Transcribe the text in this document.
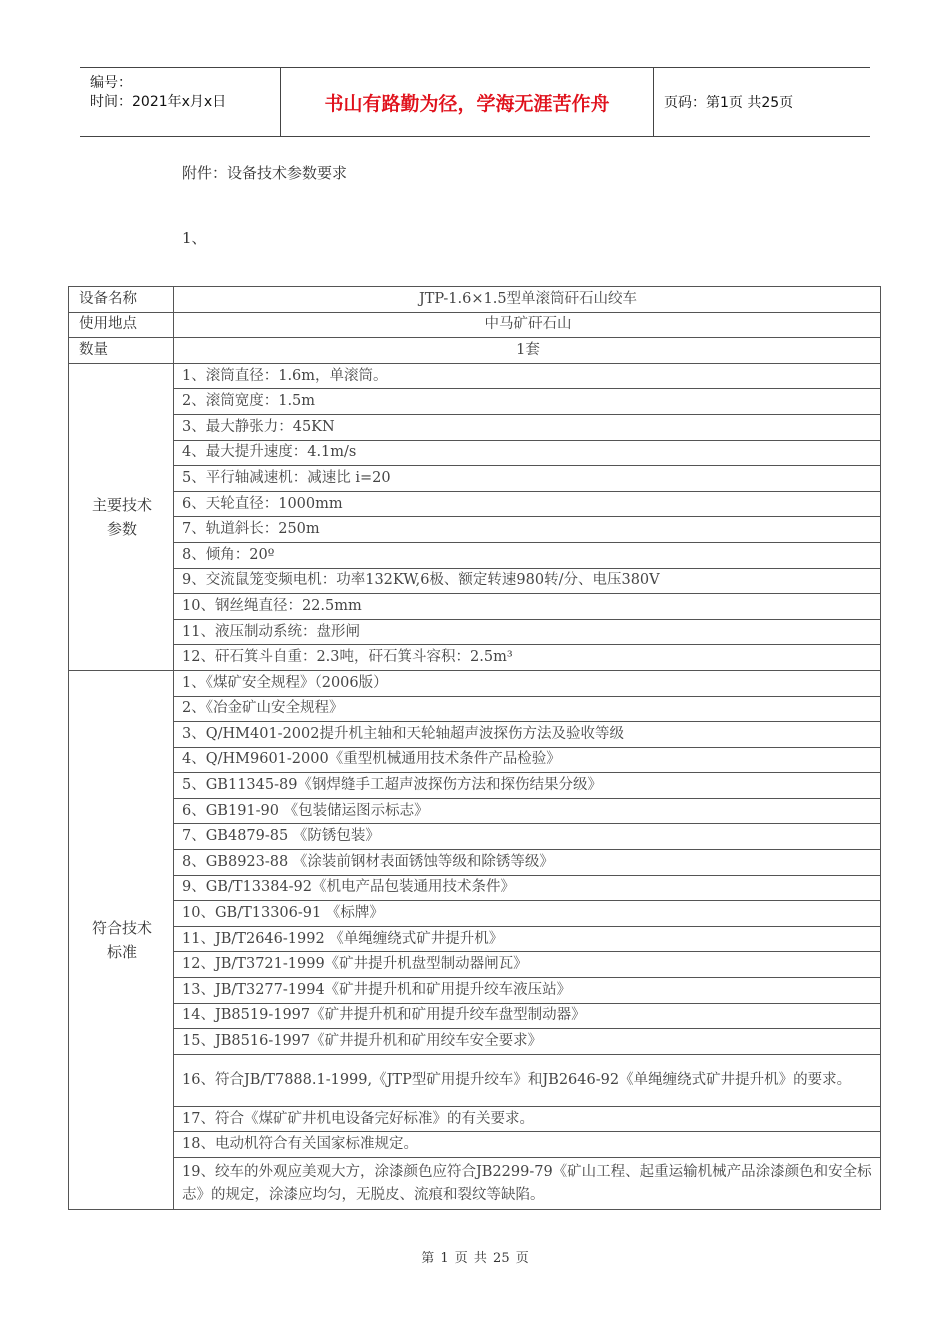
编号：
时间：2021年x月x日	书山有路勤为径，学海无涯苦作舟	页码：第1页 共25页
附件：设备技术参数要求
1、
设备名称	JTP-1.6×1.5型单滚筒矸石山绞车
使用地点	中马矿矸石山
数量	1套
主要技术
参数	1、滚筒直径：1.6m，单滚筒。
	2、滚筒宽度：1.5m
	3、最大静张力：45KN
	4、最大提升速度：4.1m/s
	5、平行轴减速机：减速比 i=20
	6、天轮直径：1000mm
	7、轨道斜长：250m
	8、倾角：20º
	9、交流鼠笼变频电机：功率132KW,6极、额定转速980转/分、电压380V
	10、钢丝绳直径：22.5mm
	11、液压制动系统：盘形闸
	12、矸石箕斗自重：2.3吨，矸石箕斗容积：2.5m³
符合技术
标准	1、《煤矿安全规程》（2006版）
	2、《冶金矿山安全规程》
	3、Q/HM401-2002提升机主轴和天轮轴超声波探伤方法及验收等级
	4、Q/HM9601-2000《重型机械通用技术条件产品检验》
	5、GB11345-89《钢焊缝手工超声波探伤方法和探伤结果分级》
	6、GB191-90 《包装储运图示标志》
	7、GB4879-85 《防锈包装》
	8、GB8923-88 《涂装前钢材表面锈蚀等级和除锈等级》
	9、GB/T13384-92《机电产品包装通用技术条件》
	10、GB/T13306-91 《标牌》
	11、JB/T2646-1992 《单绳缠绕式矿井提升机》
	12、JB/T3721-1999《矿井提升机盘型制动器闸瓦》
	13、JB/T3277-1994《矿井提升机和矿用提升绞车液压站》
	14、JB8519-1997《矿井提升机和矿用提升绞车盘型制动器》
	15、JB8516-1997《矿井提升机和矿用绞车安全要求》
	16、符合JB/T7888.1-1999,《JTP型矿用提升绞车》和JB2646-92《单绳缠绕式矿井提升机》的要求。
	17、符合《煤矿矿井机电设备完好标准》的有关要求。
	18、电动机符合有关国家标准规定。
	19、绞车的外观应美观大方，涂漆颜色应符合JB2299-79《矿山工程、起重运输机械产品涂漆颜色和安全标志》的规定，涂漆应均匀，无脱皮、流痕和裂纹等缺陷。
第 1 页 共 25 页
